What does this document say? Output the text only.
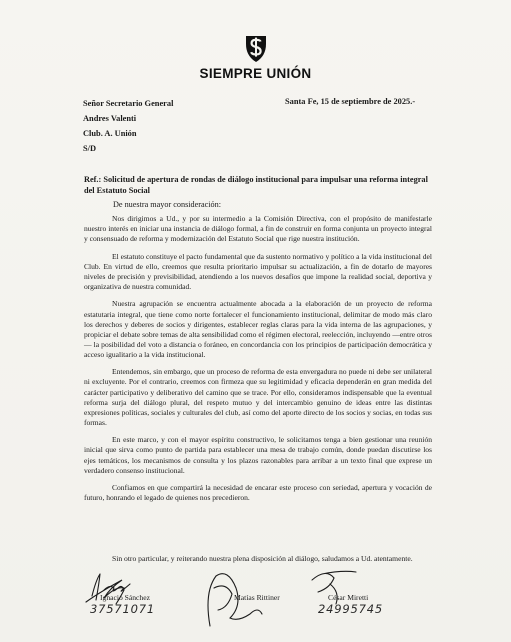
SIEMPRE UNIÓN
Señor Secretario General
Andres Valenti
Club. A. Unión
S/D
Santa Fe, 15 de septiembre de 2025.-
Ref.: Solicitud de apertura de rondas de diálogo institucional para impulsar una reforma integral del Estatuto Social
De nuestra mayor consideración:

Nos dirigimos a Ud., y por su intermedio a la Comisión Directiva, con el propósito de manifestarle nuestro interés en iniciar una instancia de diálogo formal, a fin de construir en forma conjunta un proyecto integral y consensuado de reforma y modernización del Estatuto Social que rige nuestra institución.

El estatuto constituye el pacto fundamental que da sustento normativo y político a la vida institucional del Club. En virtud de ello, creemos que resulta prioritario impulsar su actualización, a fin de dotarlo de mayores niveles de precisión y previsibilidad, atendiendo a los nuevos desafíos que impone la realidad social, deportiva y organizativa de nuestra comunidad.

Nuestra agrupación se encuentra actualmente abocada a la elaboración de un proyecto de reforma estatutaria integral, que tiene como norte fortalecer el funcionamiento institucional, delimitar de modo más claro los derechos y deberes de socios y dirigentes, establecer reglas claras para la vida interna de las agrupaciones, y propiciar el debate sobre temas de alta sensibilidad como el régimen electoral, reelección, incluyendo —entre otros— la posibilidad del voto a distancia o foráneo, en concordancia con los principios de participación democrática y acceso igualitario a la vida institucional.

Entendemos, sin embargo, que un proceso de reforma de esta envergadura no puede ni debe ser unilateral ni excluyente. Por el contrario, creemos con firmeza que su legitimidad y eficacia dependerán en gran medida del carácter participativo y deliberativo del camino que se trace. Por ello, consideramos indispensable que la eventual reforma surja del diálogo plural, del respeto mutuo y del intercambio genuino de ideas entre las distintas expresiones políticas, sociales y culturales del club, así como del aporte directo de los socios y socias, en todas sus formas.

En este marco, y con el mayor espíritu constructivo, le solicitamos tenga a bien gestionar una reunión inicial que sirva como punto de partida para establecer una mesa de trabajo común, donde puedan discutirse los ejes temáticos, los mecanismos de consulta y los plazos razonables para arribar a un texto final que exprese un verdadero consenso institucional.

Confiamos en que compartirá la necesidad de encarar este proceso con seriedad, apertura y vocación de futuro, honrando el legado de quienes nos precedieron.

Sin otro particular, y reiterando nuestra plena disposición al diálogo, saludamos a Ud. atentamente.
Ignacio Sánchez
37571071
Matías Rittiner	César Miretti
24995745
